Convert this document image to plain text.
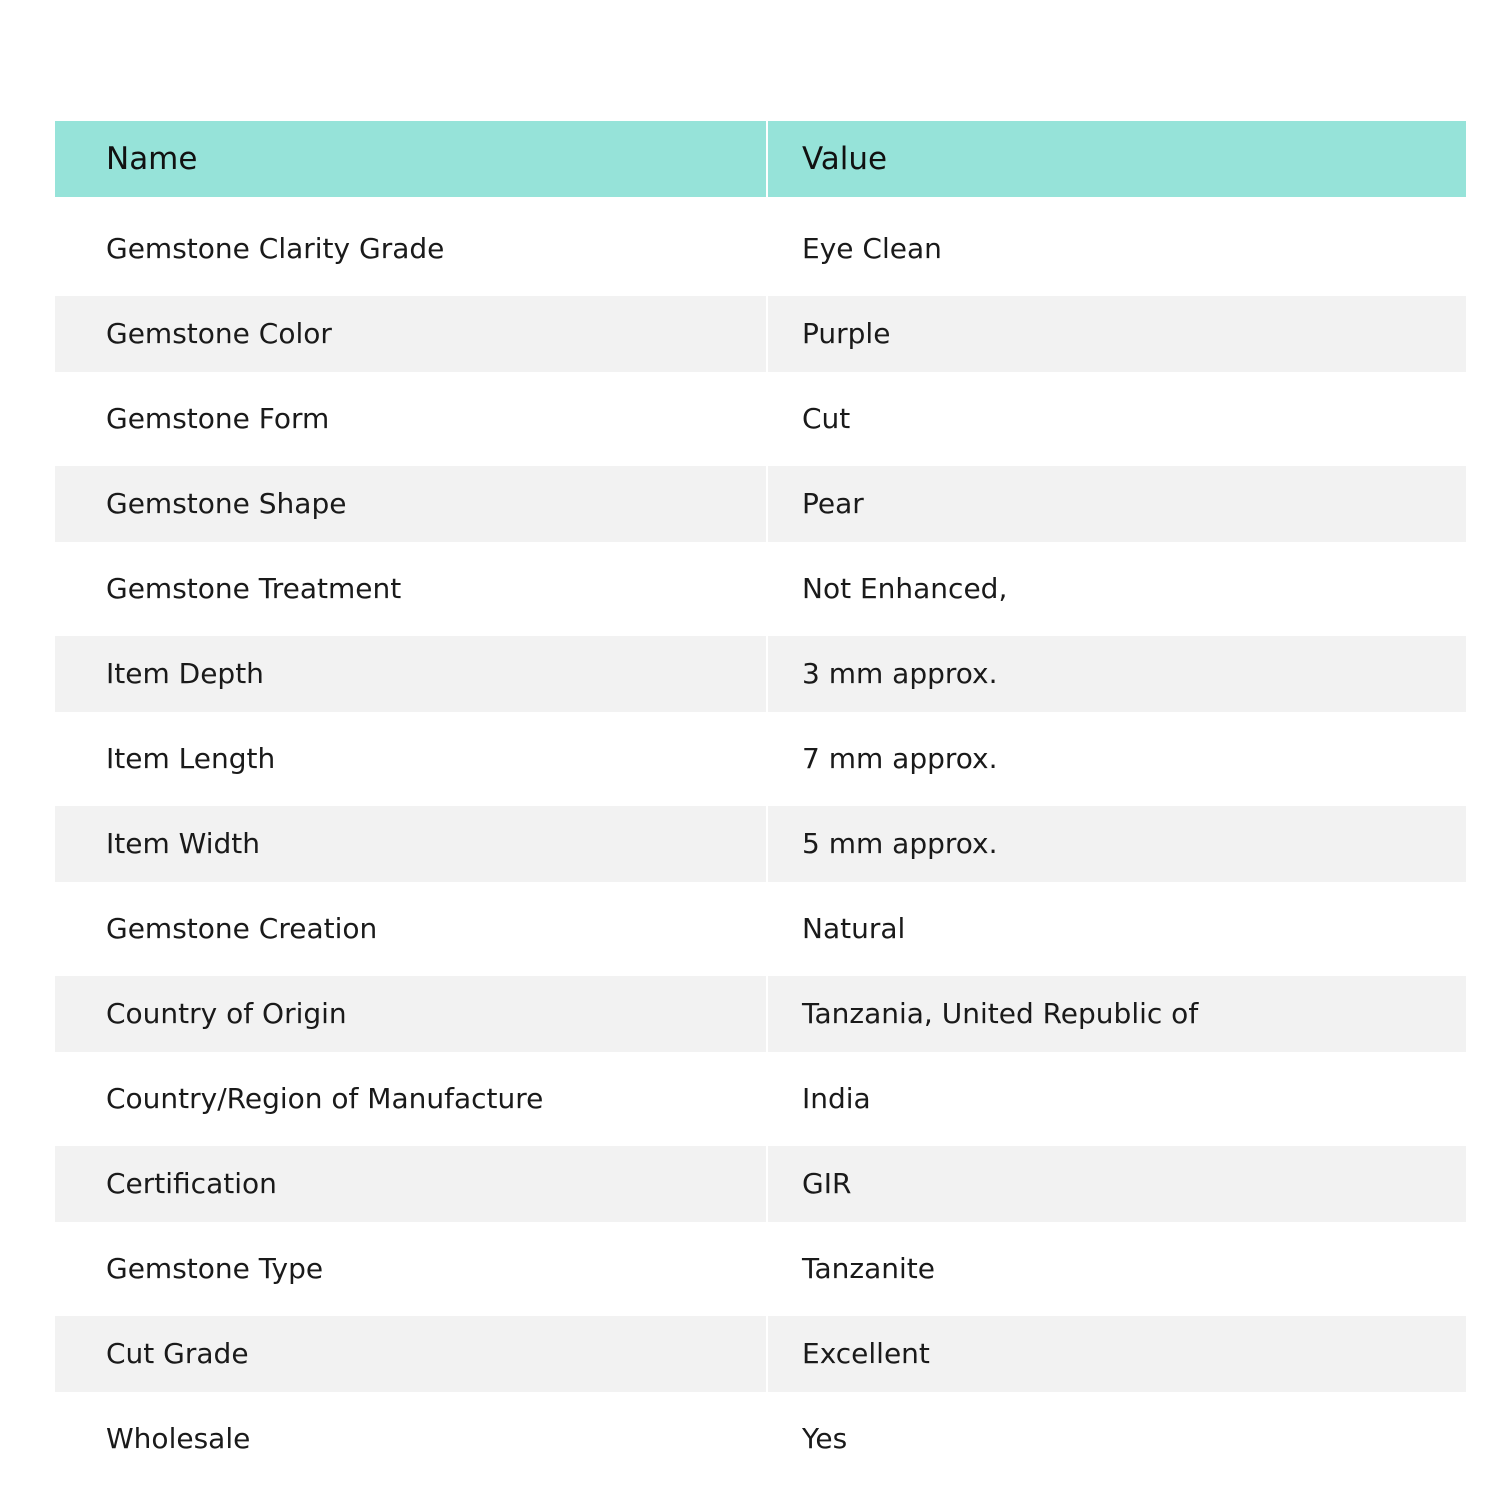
Name	Value
Gemstone Clarity Grade	Eye Clean
Gemstone Color	Purple
Gemstone Form	Cut
Gemstone Shape	Pear
Gemstone Treatment	Not Enhanced,
Item Depth	3 mm approx.
Item Length	7 mm approx.
Item Width	5 mm approx.
Gemstone Creation	Natural
Country of Origin	Tanzania, United Republic of
Country/Region of Manufacture	India
Certification	GIR
Gemstone Type	Tanzanite
Cut Grade	Excellent
Wholesale	Yes
